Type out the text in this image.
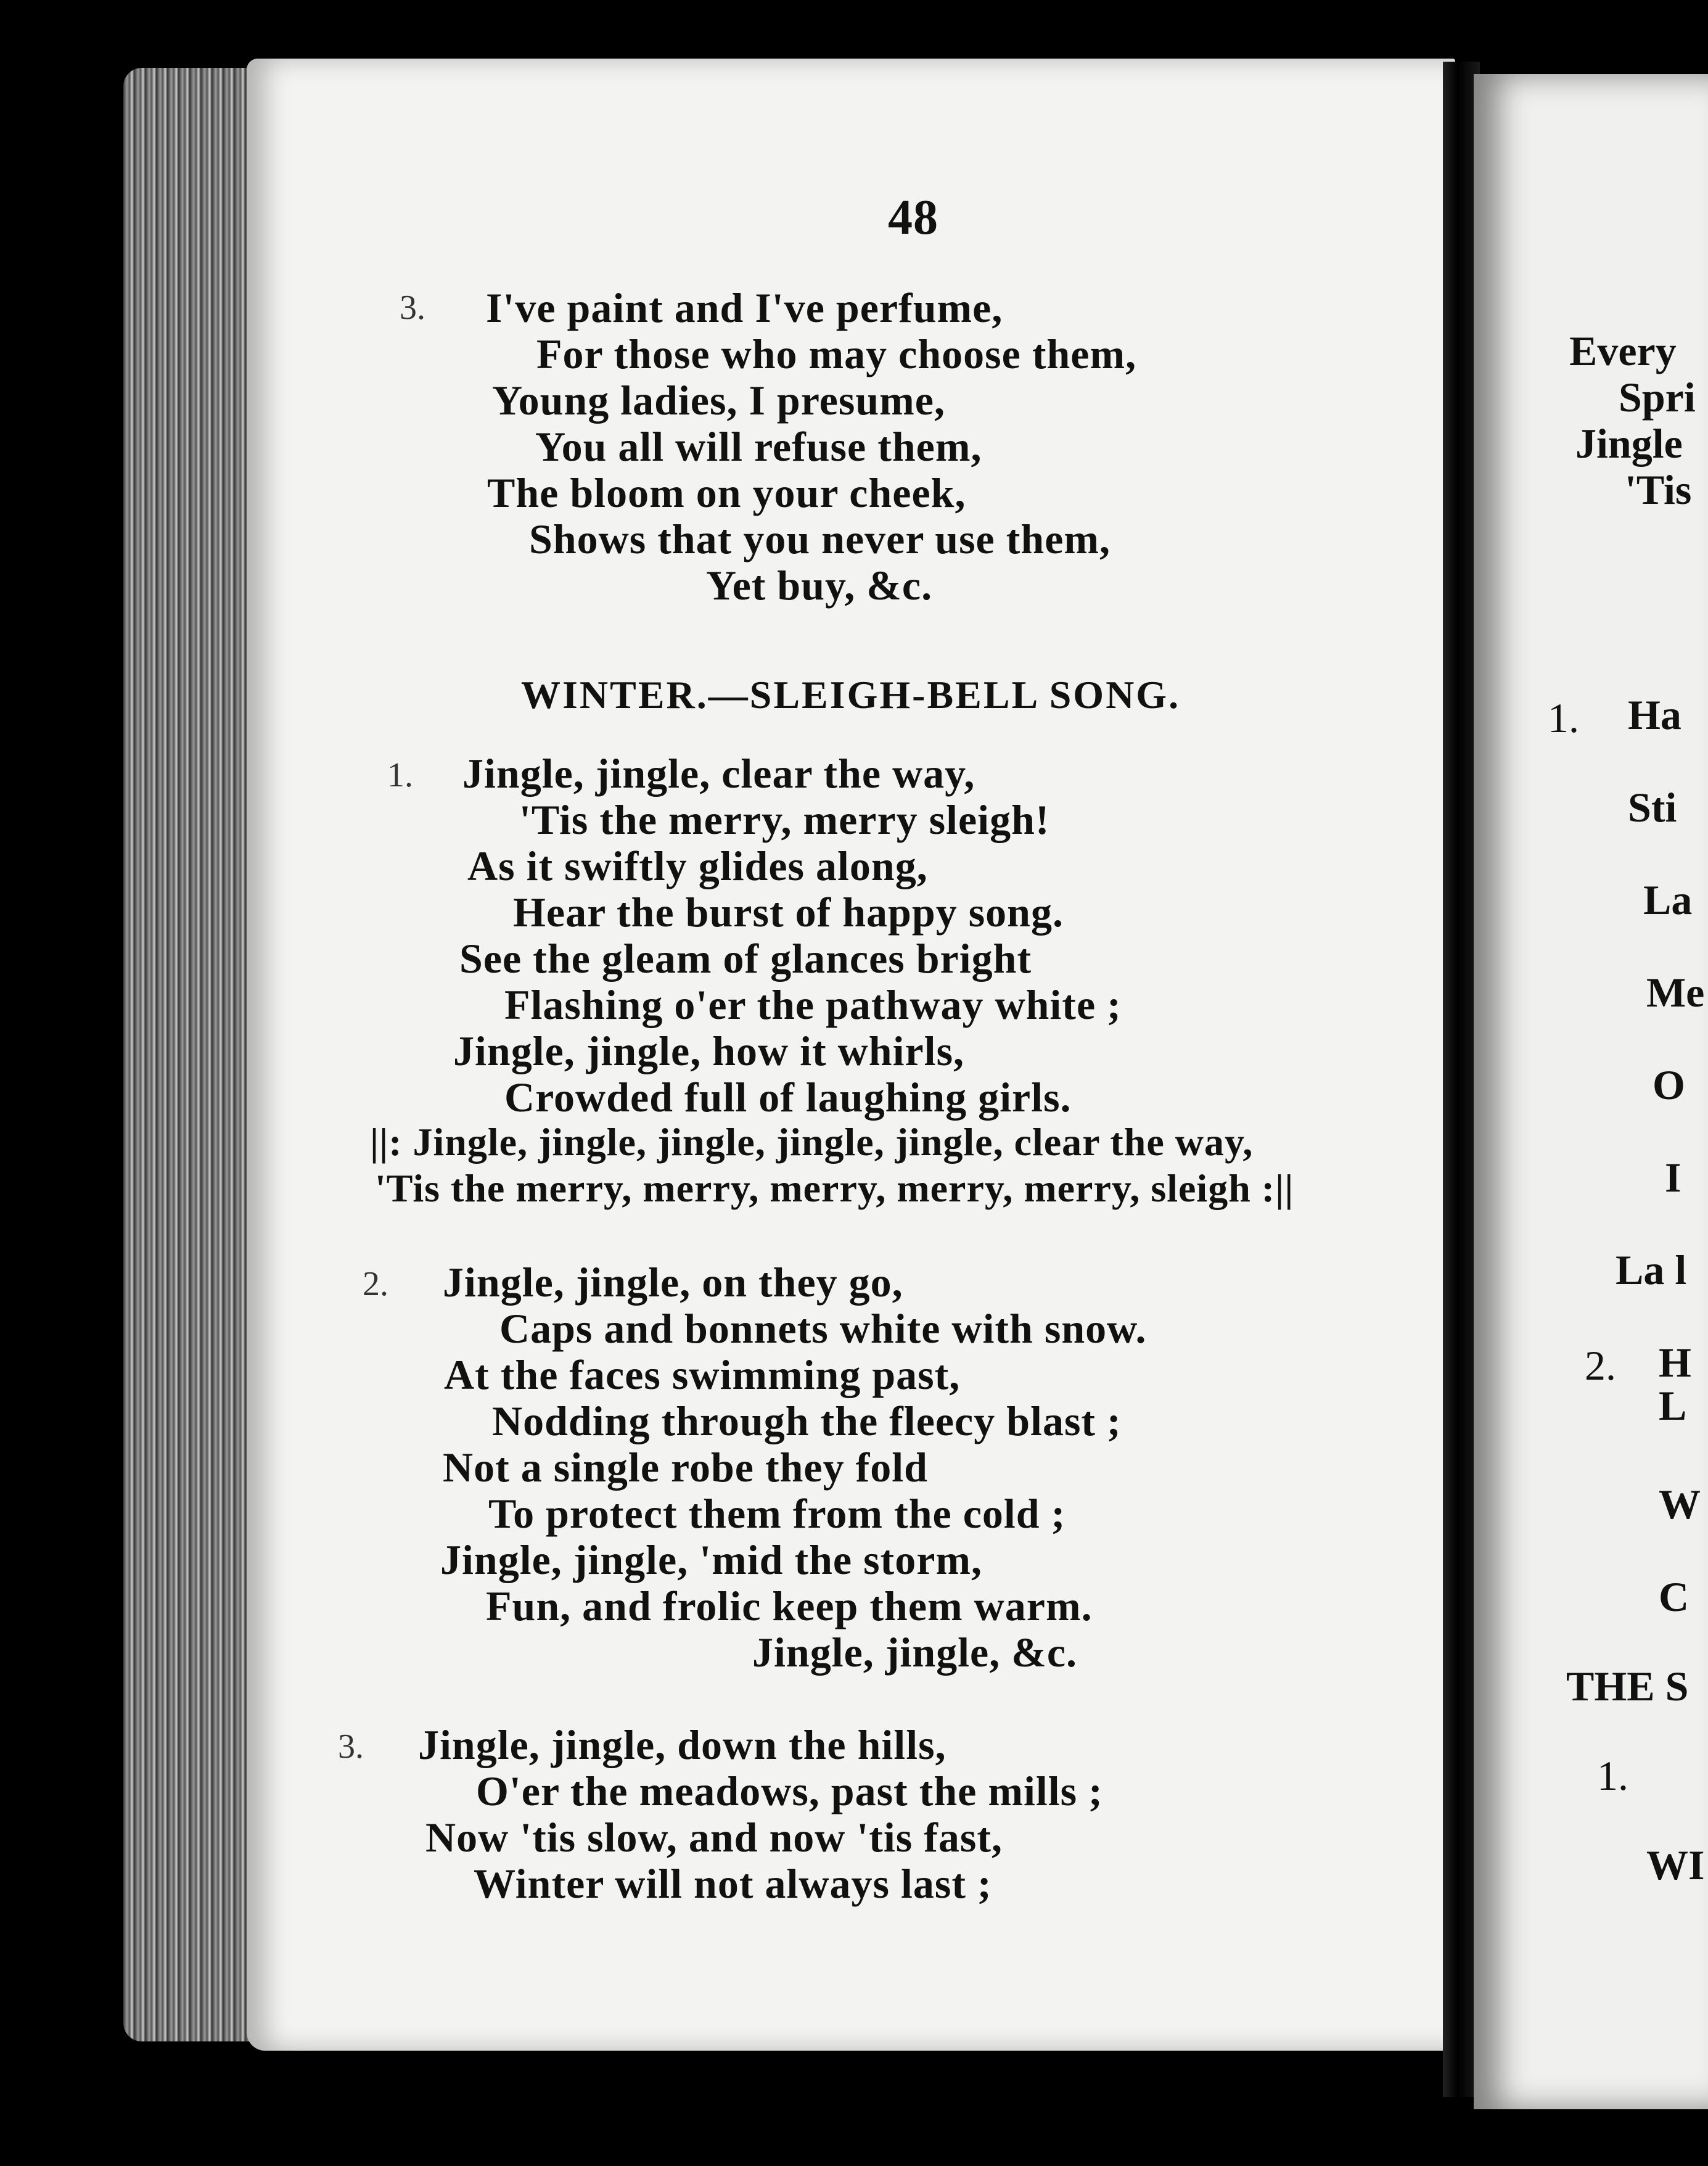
48
3. I've paint and I've perfume,
For those who may choose them,
Young ladies, I presume,
You all will refuse them,
The bloom on your cheek,
Shows that you never use them,
Yet buy, &c.
WINTER.—SLEIGH-BELL SONG.
1. Jingle, jingle, clear the way,
'Tis the merry, merry sleigh!
As it swiftly glides along,
Hear the burst of happy song.
See the gleam of glances bright
Flashing o'er the pathway white ;
Jingle, jingle, how it whirls,
Crowded full of laughing girls.
||: Jingle, jingle, jingle, jingle, jingle, clear the way,
'Tis the merry, merry, merry, merry, merry, sleigh :||
2. Jingle, jingle, on they go,
Caps and bonnets white with snow.
At the faces swimming past,
Nodding through the fleecy blast ;
Not a single robe they fold
To protect them from the cold ;
Jingle, jingle, 'mid the storm,
Fun, and frolic keep them warm.
Jingle, jingle, &c.
3. Jingle, jingle, down the hills,
O'er the meadows, past the mills ;
Now 'tis slow, and now 'tis fast,
Winter will not always last ;
Every
Spri
Jingle
'Tis
1. Ha
Sti
La
Me
O
I
La l
2. H
L
W
C
THE S
1.
WI
